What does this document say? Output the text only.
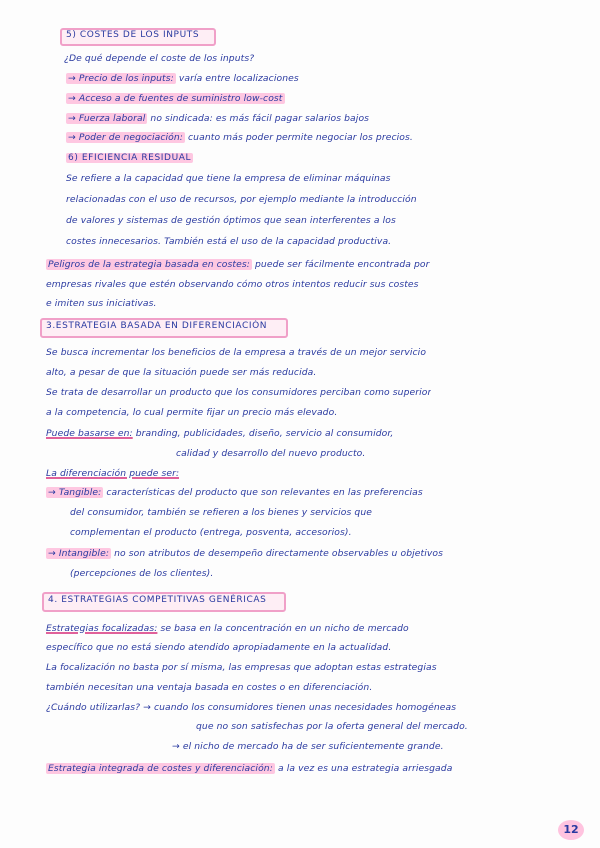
5) COSTES DE LOS INPUTS
¿De qué depende el coste de los inputs?
→ Precio de los inputs: varía entre localizaciones
→ Acceso a de fuentes de suministro low-cost
→ Fuerza laboral no sindicada: es más fácil pagar salarios bajos
→ Poder de negociación: cuanto más poder permite negociar los precios.
6) EFICIENCIA RESIDUAL
Se refiere a la capacidad que tiene la empresa de eliminar máquinas
relacionadas con el uso de recursos, por ejemplo mediante la introducción
de valores y sistemas de gestión óptimos que sean interferentes a los
costes innecesarios. También está el uso de la capacidad productiva.
Peligros de la estrategia basada en costes: puede ser fácilmente encontrada por
empresas rivales que estén observando cómo otros intentos reducir sus costes
e imiten sus iniciativas.
3.ESTRATEGIA BASADA EN DIFERENCIACIÓN
Se busca incrementar los beneficios de la empresa a través de un mejor servicio
alto, a pesar de que la situación puede ser más reducida.
Se trata de desarrollar un producto que los consumidores perciban como superior
a la competencia, lo cual permite fijar un precio más elevado.
Puede basarse en: branding, publicidades, diseño, servicio al consumidor,
calidad y desarrollo del nuevo producto.
La diferenciación puede ser:
→ Tangible: características del producto que son relevantes en las preferencias
del consumidor, también se refieren a los bienes y servicios que
complementan el producto (entrega, posventa, accesorios).
→ Intangible: no son atributos de desempeño directamente observables u objetivos
(percepciones de los clientes).
4. ESTRATEGIAS COMPETITIVAS GENÉRICAS
Estrategias focalizadas: se basa en la concentración en un nicho de mercado
específico que no está siendo atendido apropiadamente en la actualidad.
La focalización no basta por sí misma, las empresas que adoptan estas estrategias
también necesitan una ventaja basada en costes o en diferenciación.
¿Cuándo utilizarlas? → cuando los consumidores tienen unas necesidades homogéneas
que no son satisfechas por la oferta general del mercado.
→ el nicho de mercado ha de ser suficientemente grande.
Estrategia integrada de costes y diferenciación: a la vez es una estrategia arriesgada
12
